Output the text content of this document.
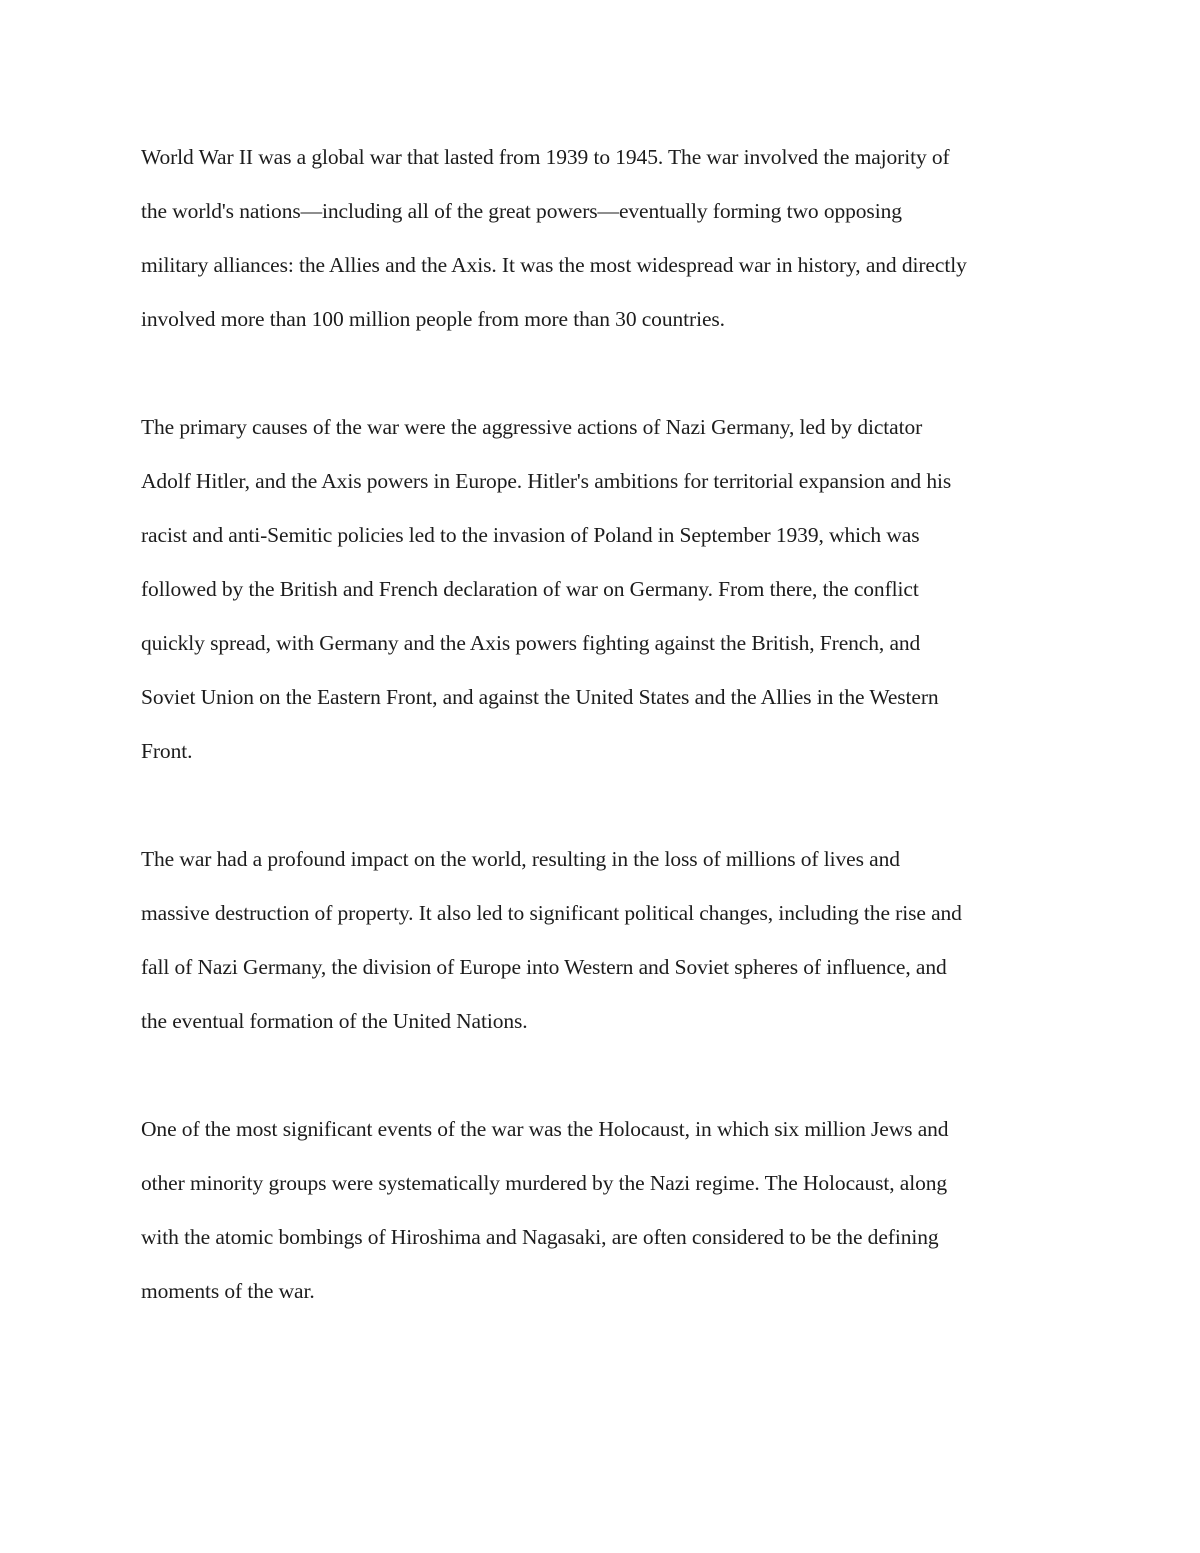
World War II was a global war that lasted from 1939 to 1945. The war involved the majority of
the world's nations—including all of the great powers—eventually forming two opposing
military alliances: the Allies and the Axis. It was the most widespread war in history, and directly
involved more than 100 million people from more than 30 countries.

The primary causes of the war were the aggressive actions of Nazi Germany, led by dictator
Adolf Hitler, and the Axis powers in Europe. Hitler's ambitions for territorial expansion and his
racist and anti-Semitic policies led to the invasion of Poland in September 1939, which was
followed by the British and French declaration of war on Germany. From there, the conflict
quickly spread, with Germany and the Axis powers fighting against the British, French, and
Soviet Union on the Eastern Front, and against the United States and the Allies in the Western
Front.

The war had a profound impact on the world, resulting in the loss of millions of lives and
massive destruction of property. It also led to significant political changes, including the rise and
fall of Nazi Germany, the division of Europe into Western and Soviet spheres of influence, and
the eventual formation of the United Nations.

One of the most significant events of the war was the Holocaust, in which six million Jews and
other minority groups were systematically murdered by the Nazi regime. The Holocaust, along
with the atomic bombings of Hiroshima and Nagasaki, are often considered to be the defining
moments of the war.
